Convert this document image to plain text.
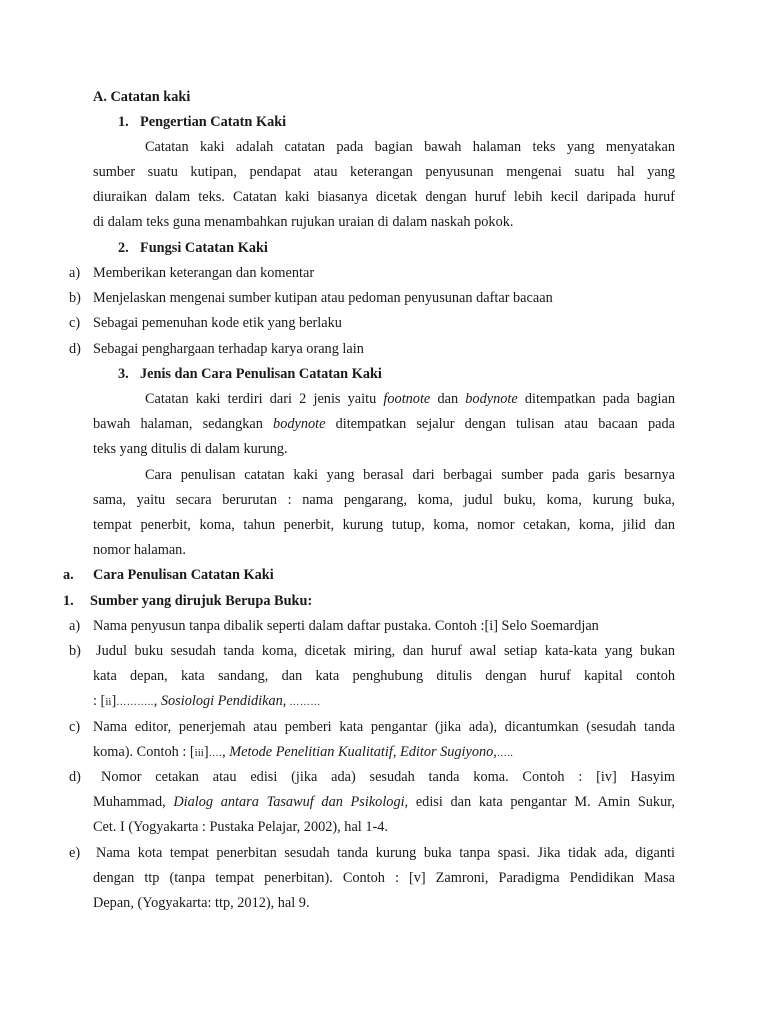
A. Catatan kaki
1. Pengertian Catatn Kaki
Catatan kaki adalah catatan pada bagian bawah halaman teks yang menyatakan
sumber suatu kutipan, pendapat atau keterangan penyusunan mengenai suatu hal yang
diuraikan dalam teks. Catatan kaki biasanya dicetak dengan huruf lebih kecil daripada huruf
di dalam teks guna menambahkan rujukan uraian di dalam naskah pokok.
2. Fungsi Catatan Kaki
a) Memberikan keterangan dan komentar
b) Menjelaskan mengenai sumber kutipan atau pedoman penyusunan daftar bacaan
c) Sebagai pemenuhan kode etik yang berlaku
d) Sebagai penghargaan terhadap karya orang lain
3. Jenis dan Cara Penulisan Catatan Kaki
Catatan kaki terdiri dari 2 jenis yaitu footnote dan bodynote ditempatkan pada bagian
bawah halaman, sedangkan bodynote ditempatkan sejalur dengan tulisan atau bacaan pada
teks yang ditulis di dalam kurung.
Cara penulisan catatan kaki yang berasal dari berbagai sumber pada garis besarnya
sama, yaitu secara berurutan : nama pengarang, koma, judul buku, koma, kurung buka,
tempat penerbit, koma, tahun penerbit, kurung tutup, koma, nomor cetakan, koma, jilid dan
nomor halaman.
a. Cara Penulisan Catatan Kaki
1. Sumber yang dirujuk Berupa Buku:
a) Nama penyusun tanpa dibalik seperti dalam daftar pustaka. Contoh :[i] Selo Soemardjan
b) Judul buku sesudah tanda koma, dicetak miring, dan huruf awal setiap kata-kata yang bukan
kata depan, kata sandang, dan kata penghubung ditulis dengan huruf kapital contoh
: [ii]……….., Sosiologi Pendidikan, ………
c) Nama editor, penerjemah atau pemberi kata pengantar (jika ada), dicantumkan (sesudah tanda
koma). Contoh : [iii]…., Metode Penelitian Kualitatif, Editor Sugiyono,…..
d) Nomor cetakan atau edisi (jika ada) sesudah tanda koma. Contoh : [iv] Hasyim
Muhammad, Dialog antara Tasawuf dan Psikologi, edisi dan kata pengantar M. Amin Sukur,
Cet. I (Yogyakarta : Pustaka Pelajar, 2002), hal 1-4.
e) Nama kota tempat penerbitan sesudah tanda kurung buka tanpa spasi. Jika tidak ada, diganti
dengan ttp (tanpa tempat penerbitan). Contoh : [v] Zamroni, Paradigma Pendidikan Masa
Depan, (Yogyakarta: ttp, 2012), hal 9.
